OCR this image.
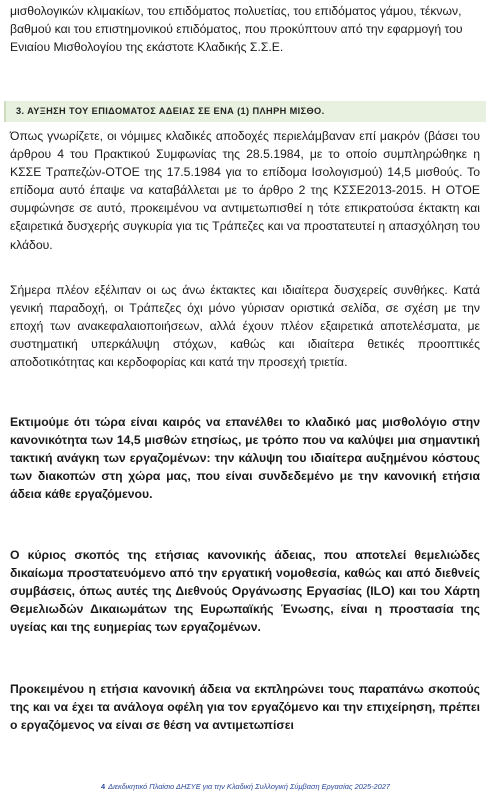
μισθολογικών κλιμακίων, του επιδόματος πολυετίας, του επιδόματος γάμου, τέκνων, βαθμού και του επιστημονικού επιδόματος, που προκύπτουν από την εφαρμογή του Ενιαίου Μισθολογίου της εκάστοτε Κλαδικής Σ.Σ.Ε.

3. ΑΥΞΗΣΗ ΤΟΥ ΕΠΙΔΟΜΑΤΟΣ ΑΔΕΙΑΣ ΣΕ ΕΝΑ (1) ΠΛΗΡΗ ΜΙΣΘΟ.

Όπως γνωρίζετε, οι νόμιμες κλαδικές αποδοχές περιελάμβαναν επί μακρόν (βάσει του άρθρου 4 του Πρακτικού Συμφωνίας της 28.5.1984, με το οποίο συμπληρώθηκε η ΚΣΣΕ Τραπεζών-ΟΤΟΕ της 17.5.1984 για το επίδομα Ισολογισμού) 14,5 μισθούς. Το επίδομα αυτό έπαψε να καταβάλλεται με το άρθρο 2 της ΚΣΣΕ2013-2015. Η ΟΤΟΕ συμφώνησε σε αυτό, προκειμένου να αντιμετωπισθεί η τότε επικρατούσα έκτακτη και εξαιρετικά δυσχερής συγκυρία για τις Τράπεζες και να προστατευτεί η απασχόληση του κλάδου.

Σήμερα πλέον εξέλιπαν οι ως άνω έκτακτες και ιδιαίτερα δυσχερείς συνθήκες. Κατά γενική παραδοχή, οι Τράπεζες όχι μόνο γύρισαν οριστικά σελίδα, σε σχέση με την εποχή των ανακεφαλαιοποιήσεων, αλλά έχουν πλέον εξαιρετικά αποτελέσματα, με συστηματική υπερκάλυψη στόχων, καθώς και ιδιαίτερα θετικές προοπτικές αποδοτικότητας και κερδοφορίας και κατά την προσεχή τριετία.

Εκτιμούμε ότι τώρα είναι καιρός να επανέλθει το κλαδικό μας μισθολόγιο στην κανονικότητα των 14,5 μισθών ετησίως, με τρόπο που να καλύψει μια σημαντική τακτική ανάγκη των εργαζομένων: την κάλυψη του ιδιαίτερα αυξημένου κόστους των διακοπών στη χώρα μας, που είναι συνδεδεμένο με την κανονική ετήσια άδεια κάθε εργαζόμενου.

Ο κύριος σκοπός της ετήσιας κανονικής άδειας, που αποτελεί θεμελιώδες δικαίωμα προστατευόμενο από την εργατική νομοθεσία, καθώς και από διεθνείς συμβάσεις, όπως αυτές της Διεθνούς Οργάνωσης Εργασίας (ILO) και του Χάρτη Θεμελιωδών Δικαιωμάτων της Ευρωπαϊκής Ένωσης, είναι η προστασία της υγείας και της ευημερίας των εργαζομένων.

Προκειμένου η ετήσια κανονική άδεια να εκπληρώνει τους παραπάνω σκοπούς της και να έχει τα ανάλογα οφέλη για τον εργαζόμενο και την επιχείρηση, πρέπει ο εργαζόμενος να είναι σε θέση να αντιμετωπίσει

4 Διεκδικητικό Πλαίσιο ΔΗΣΥΕ για την Κλαδική Συλλογική Σύμβαση Εργασίας 2025-2027
